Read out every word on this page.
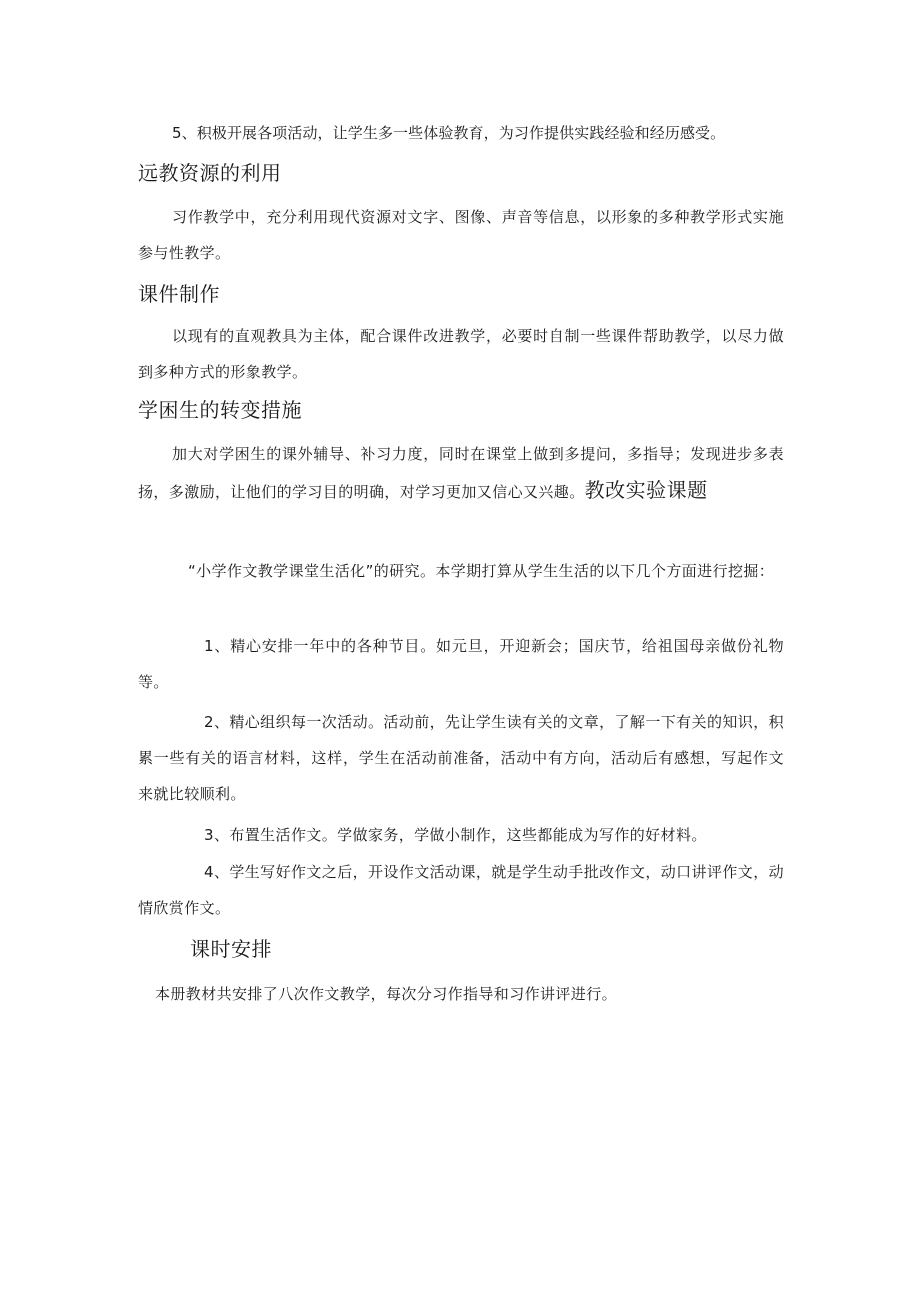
5、积极开展各项活动，让学生多一些体验教育，为习作提供实践经验和经历感受。

远教资源的利用

习作教学中，充分利用现代资源对文字、图像、声音等信息，以形象的多种教学形式实施参与性教学。

课件制作

以现有的直观教具为主体，配合课件改进教学，必要时自制一些课件帮助教学，以尽力做到多种方式的形象教学。

学困生的转变措施

加大对学困生的课外辅导、补习力度，同时在课堂上做到多提问，多指导；发现进步多表扬，多激励，让他们的学习目的明确，对学习更加又信心又兴趣。教改实验课题

“小学作文教学课堂生活化”的研究。本学期打算从学生生活的以下几个方面进行挖掘：

1、精心安排一年中的各种节目。如元旦，开迎新会；国庆节，给祖国母亲做份礼物等。

2、精心组织每一次活动。活动前，先让学生读有关的文章，了解一下有关的知识，积累一些有关的语言材料，这样，学生在活动前准备，活动中有方向，活动后有感想，写起作文来就比较顺利。

3、布置生活作文。学做家务，学做小制作，这些都能成为写作的好材料。

4、学生写好作文之后，开设作文活动课，就是学生动手批改作文，动口讲评作文，动情欣赏作文。

课时安排

本册教材共安排了八次作文教学，每次分习作指导和习作讲评进行。
